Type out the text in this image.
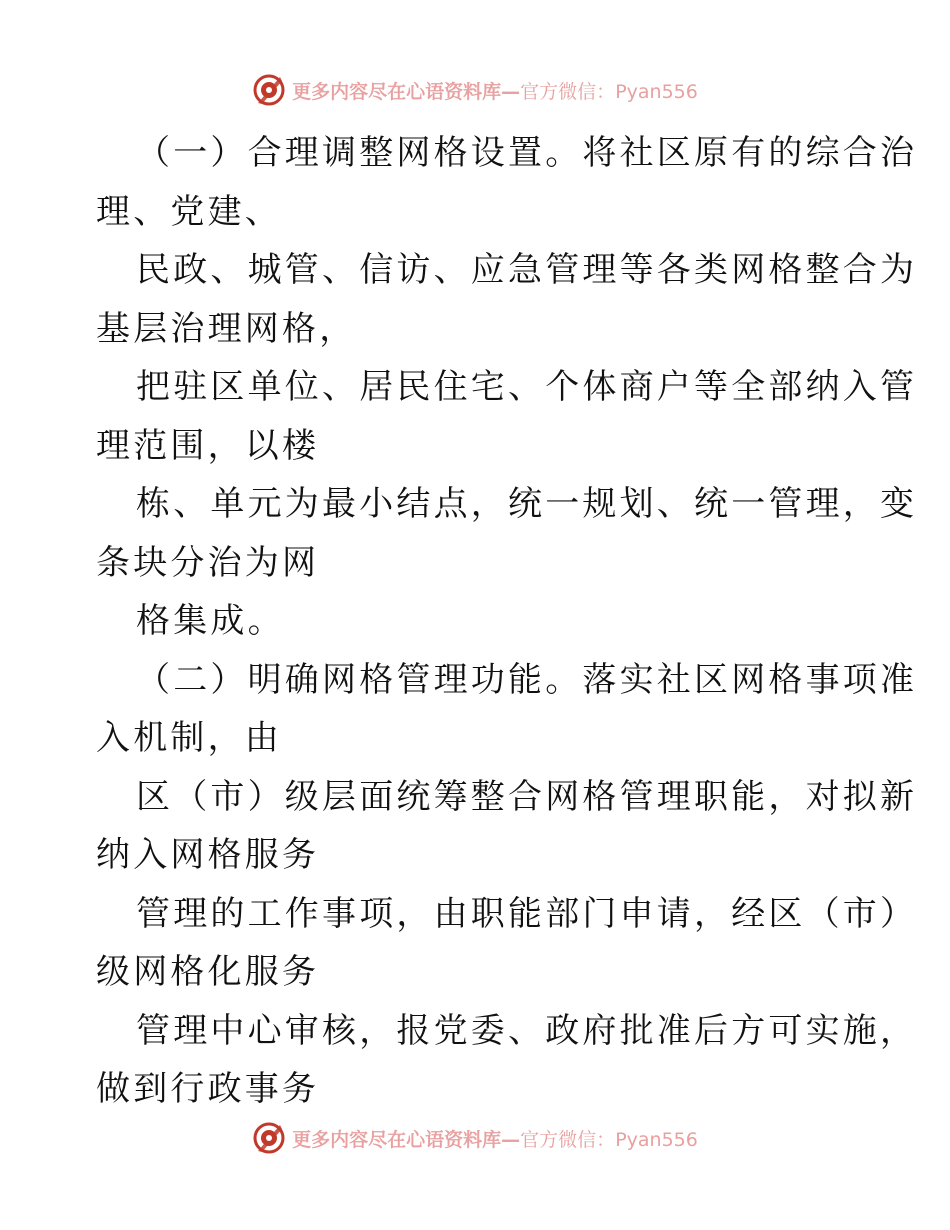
更多内容尽在心语资料库—官方微信：Pyan556
（一）合理调整网格设置。将社区原有的综合治
理、党建、
民政、城管、信访、应急管理等各类网格整合为
基层治理网格，
把驻区单位、居民住宅、个体商户等全部纳入管
理范围，以楼
栋、单元为最小结点，统一规划、统一管理，变
条块分治为网
格集成。
（二）明确网格管理功能。落实社区网格事项准
入机制，由
区（市）级层面统筹整合网格管理职能，对拟新
纳入网格服务
管理的工作事项，由职能部门申请，经区（市）
级网格化服务
管理中心审核，报党委、政府批准后方可实施，
做到行政事务
更多内容尽在心语资料库—官方微信：Pyan556
